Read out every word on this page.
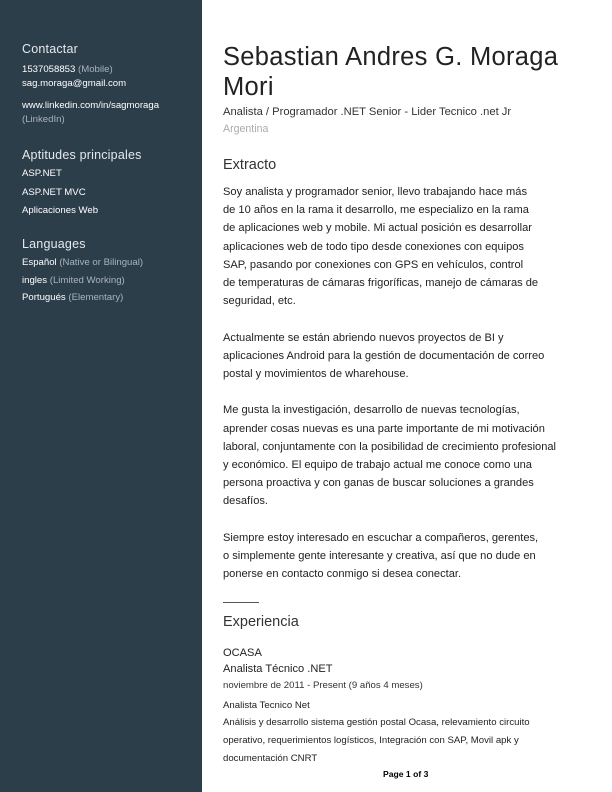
Contactar
1537058853 (Mobile)
sag.moraga@gmail.com
www.linkedin.com/in/sagmoraga
(LinkedIn)
Aptitudes principales
ASP.NET
ASP.NET MVC
Aplicaciones Web
Languages
Español (Native or Bilingual)
ingles (Limited Working)
Portugués (Elementary)
Sebastian Andres G. Moraga Mori
Analista / Programador .NET Senior - Lider Tecnico .net Jr
Argentina
Extracto

Soy analista y programador senior, llevo trabajando hace más
de 10 años en la rama it desarrollo, me especializo en la rama
de aplicaciones web y mobile. Mi actual posición es desarrollar
aplicaciones web de todo tipo desde conexiones con equipos
SAP, pasando por conexiones con GPS en vehículos, control
de temperaturas de cámaras frigoríficas, manejo de cámaras de
seguridad, etc.

Actualmente se están abriendo nuevos proyectos de BI y
aplicaciones Android para la gestión de documentación de correo
postal y movimientos de wharehouse.

Me gusta la investigación, desarrollo de nuevas tecnologías,
aprender cosas nuevas es una parte importante de mi motivación
laboral, conjuntamente con la posibilidad de crecimiento profesional
y económico. El equipo de trabajo actual me conoce como una
persona proactiva y con ganas de buscar soluciones a grandes
desafíos.

Siempre estoy interesado en escuchar a compañeros, gerentes,
o simplemente gente interesante y creativa, así que no dude en
ponerse en contacto conmigo si desea conectar.

Experiencia
OCASA
Analista Técnico .NET
noviembre de 2011 - Present (9 años 4 meses)
Analista Tecnico Net
Análisis y desarrollo sistema gestión postal Ocasa, relevamiento circuito
operativo, requerimientos logísticos, Integración con SAP, Movil apk y
documentación CNRT
Page 1 of 3
